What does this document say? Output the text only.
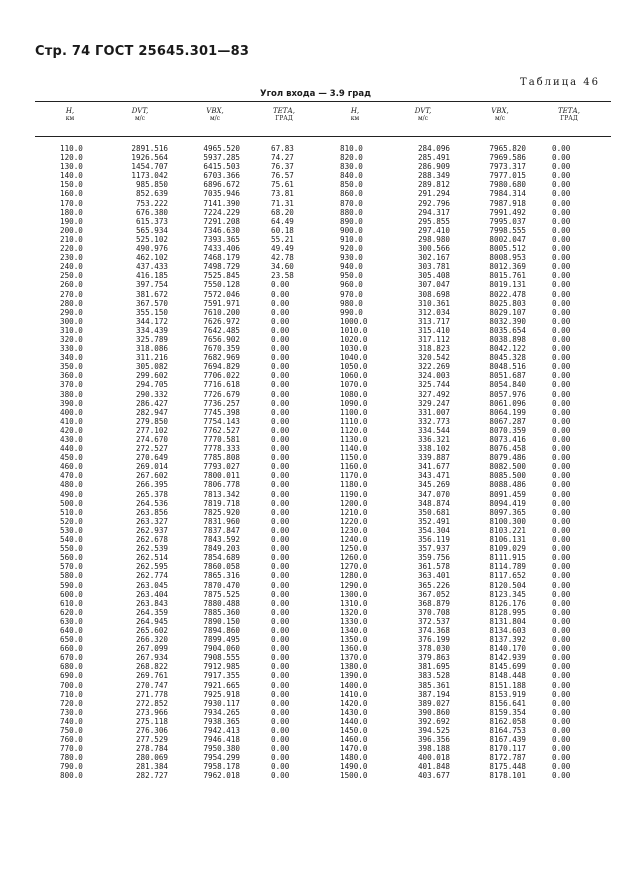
Стр. 74 ГОСТ 25645.301—83
Таблица 46
Угол входа — 3.9 град
Н,
км
DVT,
м/с
VBX,
м/с
ТЕТА,
ГРАД
Н,
км
DVT,
м/с
VBX,
м/с
ТЕТА,
ГРАД
110.0
120.0
130.0
140.0
150.0
160.0
170.0
180.0
190.0
200.0
210.0
220.0
230.0
240.0
250.0
260.0
270.0
280.0
290.0
300.0
310.0
320.0
330.0
340.0
350.0
360.0
370.0
380.0
390.0
400.0
410.0
420.0
430.0
440.0
450.0
460.0
470.0
480.0
490.0
500.0
510.0
520.0
530.0
540.0
550.0
560.0
570.0
580.0
590.0
600.0
610.0
620.0
630.0
640.0
650.0
660.0
670.0
680.0
690.0
700.0
710.0
720.0
730.0
740.0
750.0
760.0
770.0
780.0
790.0
800.0
2891.516
1926.564
1454.707
1173.042
985.850
852.639
753.222
676.380
615.373
565.934
525.102
490.976
462.102
437.433
416.185
397.754
381.672
367.570
355.150
344.172
334.439
325.789
318.086
311.216
305.082
299.602
294.705
290.332
286.427
282.947
279.850
277.102
274.670
272.527
270.649
269.014
267.602
266.395
265.378
264.536
263.856
263.327
262.937
262.678
262.539
262.514
262.595
262.774
263.045
263.404
263.843
264.359
264.945
265.602
266.320
267.099
267.934
268.822
269.761
270.747
271.778
272.852
273.966
275.118
276.306
277.529
278.784
280.069
281.384
282.727
4965.520
5937.285
6415.503
6703.366
6896.672
7035.946
7141.390
7224.229
7291.208
7346.630
7393.365
7433.406
7468.179
7498.729
7525.845
7550.128
7572.046
7591.971
7610.200
7626.972
7642.485
7656.902
7670.359
7682.969
7694.829
7706.022
7716.618
7726.679
7736.257
7745.398
7754.143
7762.527
7770.581
7778.333
7785.808
7793.027
7800.011
7806.778
7813.342
7819.718
7825.920
7831.960
7837.847
7843.592
7849.203
7854.689
7860.058
7865.316
7870.470
7875.525
7880.488
7885.360
7890.150
7894.860
7899.495
7904.060
7908.555
7912.985
7917.355
7921.665
7925.918
7930.117
7934.265
7938.365
7942.413
7946.418
7950.380
7954.299
7958.178
7962.018
67.83
74.27
76.37
76.57
75.61
73.81
71.31
68.20
64.49
60.18
55.21
49.49
42.78
34.60
23.58
0.00
0.00
0.00
0.00
0.00
0.00
0.00
0.00
0.00
0.00
0.00
0.00
0.00
0.00
0.00
0.00
0.00
0.00
0.00
0.00
0.00
0.00
0.00
0.00
0.00
0.00
0.00
0.00
0.00
0.00
0.00
0.00
0.00
0.00
0.00
0.00
0.00
0.00
0.00
0.00
0.00
0.00
0.00
0.00
0.00
0.00
0.00
0.00
0.00
0.00
0.00
0.00
0.00
0.00
0.00
810.0
820.0
830.0
840.0
850.0
860.0
870.0
880.0
890.0
900.0
910.0
920.0
930.0
940.0
950.0
960.0
970.0
980.0
990.0
1000.0
1010.0
1020.0
1030.0
1040.0
1050.0
1060.0
1070.0
1080.0
1090.0
1100.0
1110.0
1120.0
1130.0
1140.0
1150.0
1160.0
1170.0
1180.0
1190.0
1200.0
1210.0
1220.0
1230.0
1240.0
1250.0
1260.0
1270.0
1280.0
1290.0
1300.0
1310.0
1320.0
1330.0
1340.0
1350.0
1360.0
1370.0
1380.0
1390.0
1400.0
1410.0
1420.0
1430.0
1440.0
1450.0
1460.0
1470.0
1480.0
1490.0
1500.0
284.096
285.491
286.909
288.349
289.812
291.294
292.796
294.317
295.855
297.410
298.980
300.566
302.167
303.781
305.408
307.047
308.698
310.361
312.034
313.717
315.410
317.112
318.823
320.542
322.269
324.003
325.744
327.492
329.247
331.007
332.773
334.544
336.321
338.102
339.887
341.677
343.471
345.269
347.070
348.874
350.681
352.491
354.304
356.119
357.937
359.756
361.578
363.401
365.226
367.052
368.879
370.708
372.537
374.368
376.199
378.030
379.863
381.695
383.528
385.361
387.194
389.027
390.860
392.692
394.525
396.356
398.188
400.018
401.848
403.677
7965.820
7969.586
7973.317
7977.015
7980.680
7984.314
7987.918
7991.492
7995.037
7998.555
8002.047
8005.512
8008.953
8012.369
8015.761
8019.131
8022.478
8025.803
8029.107
8032.390
8035.654
8038.898
8042.122
8045.328
8048.516
8051.687
8054.840
8057.976
8061.096
8064.199
8067.287
8070.359
8073.416
8076.458
8079.486
8082.500
8085.500
8088.486
8091.459
8094.419
8097.365
8100.300
8103.221
8106.131
8109.029
8111.915
8114.789
8117.652
8120.504
8123.345
8126.176
8128.995
8131.804
8134.603
8137.392
8140.170
8142.939
8145.699
8148.448
8151.188
8153.919
8156.641
8159.354
8162.058
8164.753
8167.439
8170.117
8172.787
8175.448
8178.101
0.00
0.00
0.00
0.00
0.00
0.00
0.00
0.00
0.00
0.00
0.00
0.00
0.00
0.00
0.00
0.00
0.00
0.00
0.00
0.00
0.00
0.00
0.00
0.00
0.00
0.00
0.00
0.00
0.00
0.00
0.00
0.00
0.00
0.00
0.00
0.00
0.00
0.00
0.00
0.00
0.00
0.00
0.00
0.00
0.00
0.00
0.00
0.00
0.00
0.00
0.00
0.00
0.00
0.00
0.00
0.00
0.00
0.00
0.00
0.00
0.00
0.00
0.00
0.00
0.00
0.00
0.00
0.00
0.00
0.00
